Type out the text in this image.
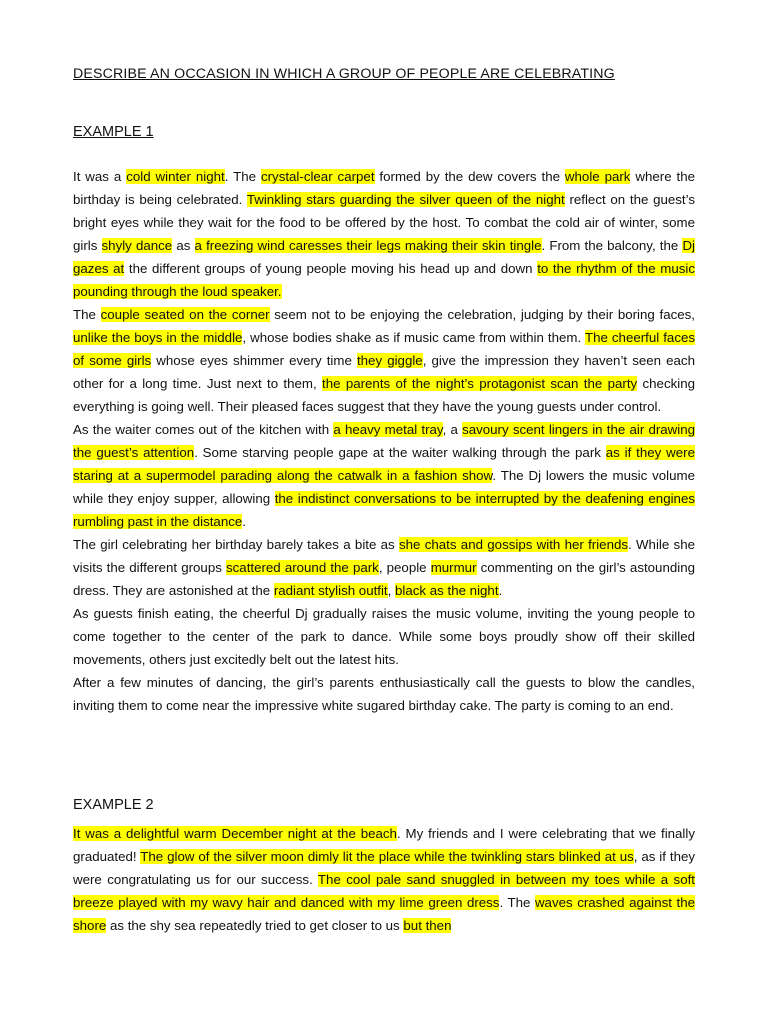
DESCRIBE AN OCCASION IN WHICH A GROUP OF PEOPLE ARE CELEBRATING
EXAMPLE 1

It was a cold winter night. The crystal-clear carpet formed by the dew covers the whole park where the birthday is being celebrated. Twinkling stars guarding the silver queen of the night reflect on the guest’s bright eyes while they wait for the food to be offered by the host. To combat the cold air of winter, some girls shyly dance as a freezing wind caresses their legs making their skin tingle. From the balcony, the Dj gazes at the different groups of young people moving his head up and down to the rhythm of the music pounding through the loud speaker.

The couple seated on the corner seem not to be enjoying the celebration, judging by their boring faces, unlike the boys in the middle, whose bodies shake as if music came from within them. The cheerful faces of some girls whose eyes shimmer every time they giggle, give the impression they haven’t seen each other for a long time. Just next to them, the parents of the night’s protagonist scan the party checking everything is going well. Their pleased faces suggest that they have the young guests under control.

As the waiter comes out of the kitchen with a heavy metal tray, a savoury scent lingers in the air drawing the guest’s attention. Some starving people gape at the waiter walking through the park as if they were staring at a supermodel parading along the catwalk in a fashion show. The Dj lowers the music volume while they enjoy supper, allowing the indistinct conversations to be interrupted by the deafening engines rumbling past in the distance.

The girl celebrating her birthday barely takes a bite as she chats and gossips with her friends. While she visits the different groups scattered around the park, people murmur commenting on the girl’s astounding dress. They are astonished at the radiant stylish outfit, black as the night.

As guests finish eating, the cheerful Dj gradually raises the music volume, inviting the young people to come together to the center of the park to dance. While some boys proudly show off their skilled movements, others just excitedly belt out the latest hits.

After a few minutes of dancing, the girl’s parents enthusiastically call the guests to blow the candles, inviting them to come near the impressive white sugared birthday cake. The party is coming to an end.

EXAMPLE 2

It was a delightful warm December night at the beach. My friends and I were celebrating that we finally graduated! The glow of the silver moon dimly lit the place while the twinkling stars blinked at us, as if they were congratulating us for our success. The cool pale sand snuggled in between my toes while a soft breeze played with my wavy hair and danced with my lime green dress. The waves crashed against the shore as the shy sea repeatedly tried to get closer to us but then
